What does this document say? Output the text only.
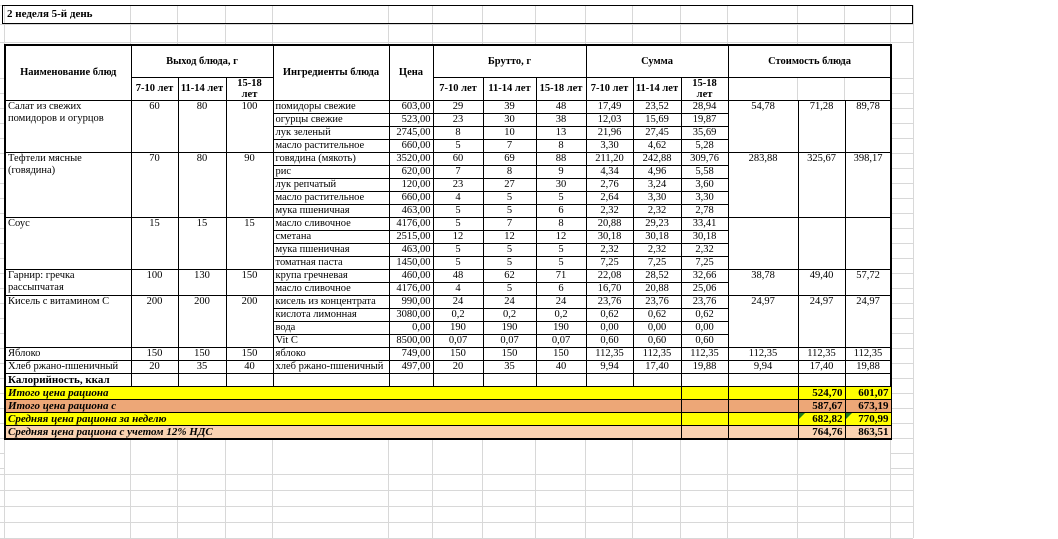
2 неделя 5-й день
Наименование блюд	Выход блюда, г			Ингредиенты блюда	Цена	Брутто, г			Сумма			Стоимость блюда			
	7-10 лет	11-14 лет	15-18 лет			7-10 лет	11-14 лет	15-18 лет	7-10 лет	11-14 лет	15-18 лет				
Салат из свежих помидоров и огурцов	60	80	100	помидоры свежие	603,00	29	39	48	17,49	23,52	28,94	54,78	71,28	89,78	
				огурцы свежие	523,00	23	30	38	12,03	15,69	19,87				
				лук зеленый	2745,00	8	10	13	21,96	27,45	35,69				
				масло растительное	660,00	5	7	8	3,30	4,62	5,28				
Тефтели мясные (говядина)	70	80	90	говядина (мякоть)	3520,00	60	69	88	211,20	242,88	309,76	283,88	325,67	398,17	
				рис	620,00	7	8	9	4,34	4,96	5,58				
				лук репчатый	120,00	23	27	30	2,76	3,24	3,60				
				масло растительное	660,00	4	5	5	2,64	3,30	3,30				
				мука пшеничная	463,00	5	5	6	2,32	2,32	2,78				
Соус	15	15	15	масло сливочное	4176,00	5	7	8	20,88	29,23	33,41				
				сметана	2515,00	12	12	12	30,18	30,18	30,18				
				мука пшеничная	463,00	5	5	5	2,32	2,32	2,32				
				томатная паста	1450,00	5	5	5	7,25	7,25	7,25				
Гарнир: гречка рассыпчатая	100	130	150	крупа гречневая	460,00	48	62	71	22,08	28,52	32,66	38,78	49,40	57,72	
				масло сливочное	4176,00	4	5	6	16,70	20,88	25,06				
Кисель с витамином С	200	200	200	кисель из концентрата	990,00	24	24	24	23,76	23,76	23,76	24,97	24,97	24,97	
				кислота лимонная	3080,00	0,2	0,2	0,2	0,62	0,62	0,62				
				вода	0,00	190	190	190	0,00	0,00	0,00				
				Vit C	8500,00	0,07	0,07	0,07	0,60	0,60	0,60				
Яблоко	150	150	150	яблоко	749,00	150	150	150	112,35	112,35	112,35	112,35	112,35	112,35	
Хлеб ржано-пшеничный	20	35	40	хлеб ржано-пшеничный	497,00	20	35	40	9,94	17,40	19,88	9,94	17,40	19,88	
Калорийность, ккал															
Итого цена рациона													524,70	601,07	
Итого цена рациона с													587,67	673,19	
Средняя цена рациона за неделю													682,82	770,99

Средняя цена рациона с учетом 12% НДС													764,76	863,51	
